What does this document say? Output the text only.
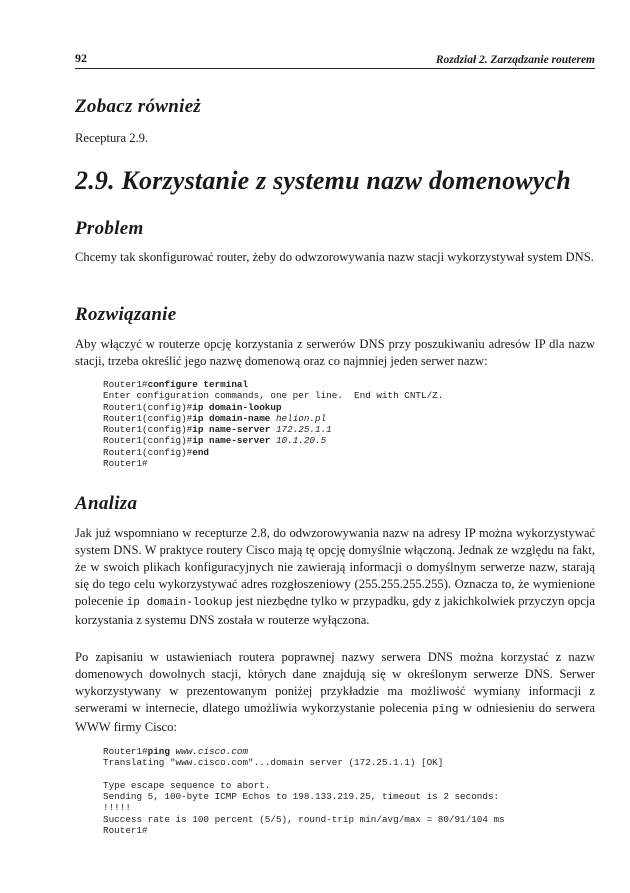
92	Rozdział 2. Zarządzanie routerem
Zobacz również

Receptura 2.9.

2.9. Korzystanie z systemu nazw domenowych
Problem

Chcemy tak skonfigurować router, żeby do odwzorowywania nazw stacji wykorzystywał system DNS.

Rozwiązanie

Aby włączyć w routerze opcję korzystania z serwerów DNS przy poszukiwaniu adresów IP dla nazw stacji, trzeba określić jego nazwę domenową oraz co najmniej jeden serwer nazw:

Router1#configure terminal
Enter configuration commands, one per line.  End with CNTL/Z.
Router1(config)#ip domain-lookup
Router1(config)#ip domain-name helion.pl
Router1(config)#ip name-server 172.25.1.1
Router1(config)#ip name-server 10.1.20.5
Router1(config)#end
Router1#
Analiza

Jak już wspomniano w recepturze 2.8, do odwzorowywania nazw na adresy IP można wykorzystywać system DNS. W praktyce routery Cisco mają tę opcję domyślnie włączoną. Jednak ze względu na fakt, że w swoich plikach konfiguracyjnych nie zawierają informacji o domyślnym serwerze nazw, starają się do tego celu wykorzystywać adres rozgłoszeniowy (255.255.255.255). Oznacza to, że wymienione polecenie ip domain-lookup jest niezbędne tylko w przypadku, gdy z jakichkolwiek przyczyn opcja korzystania z systemu DNS została w routerze wyłączona.

Po zapisaniu w ustawieniach routera poprawnej nazwy serwera DNS można korzystać z nazw domenowych dowolnych stacji, których dane znajdują się w określonym serwerze DNS. Serwer wykorzystywany w prezentowanym poniżej przykładzie ma możliwość wymiany informacji z serwerami w internecie, dlatego umożliwia wykorzystanie polecenia ping w odniesieniu do serwera WWW firmy Cisco:

Router1#ping www.cisco.com
Translating "www.cisco.com"...domain server (172.25.1.1) [OK]

Type escape sequence to abort.
Sending 5, 100-byte ICMP Echos to 198.133.219.25, timeout is 2 seconds:
!!!!!
Success rate is 100 percent (5/5), round-trip min/avg/max = 80/91/104 ms
Router1#
